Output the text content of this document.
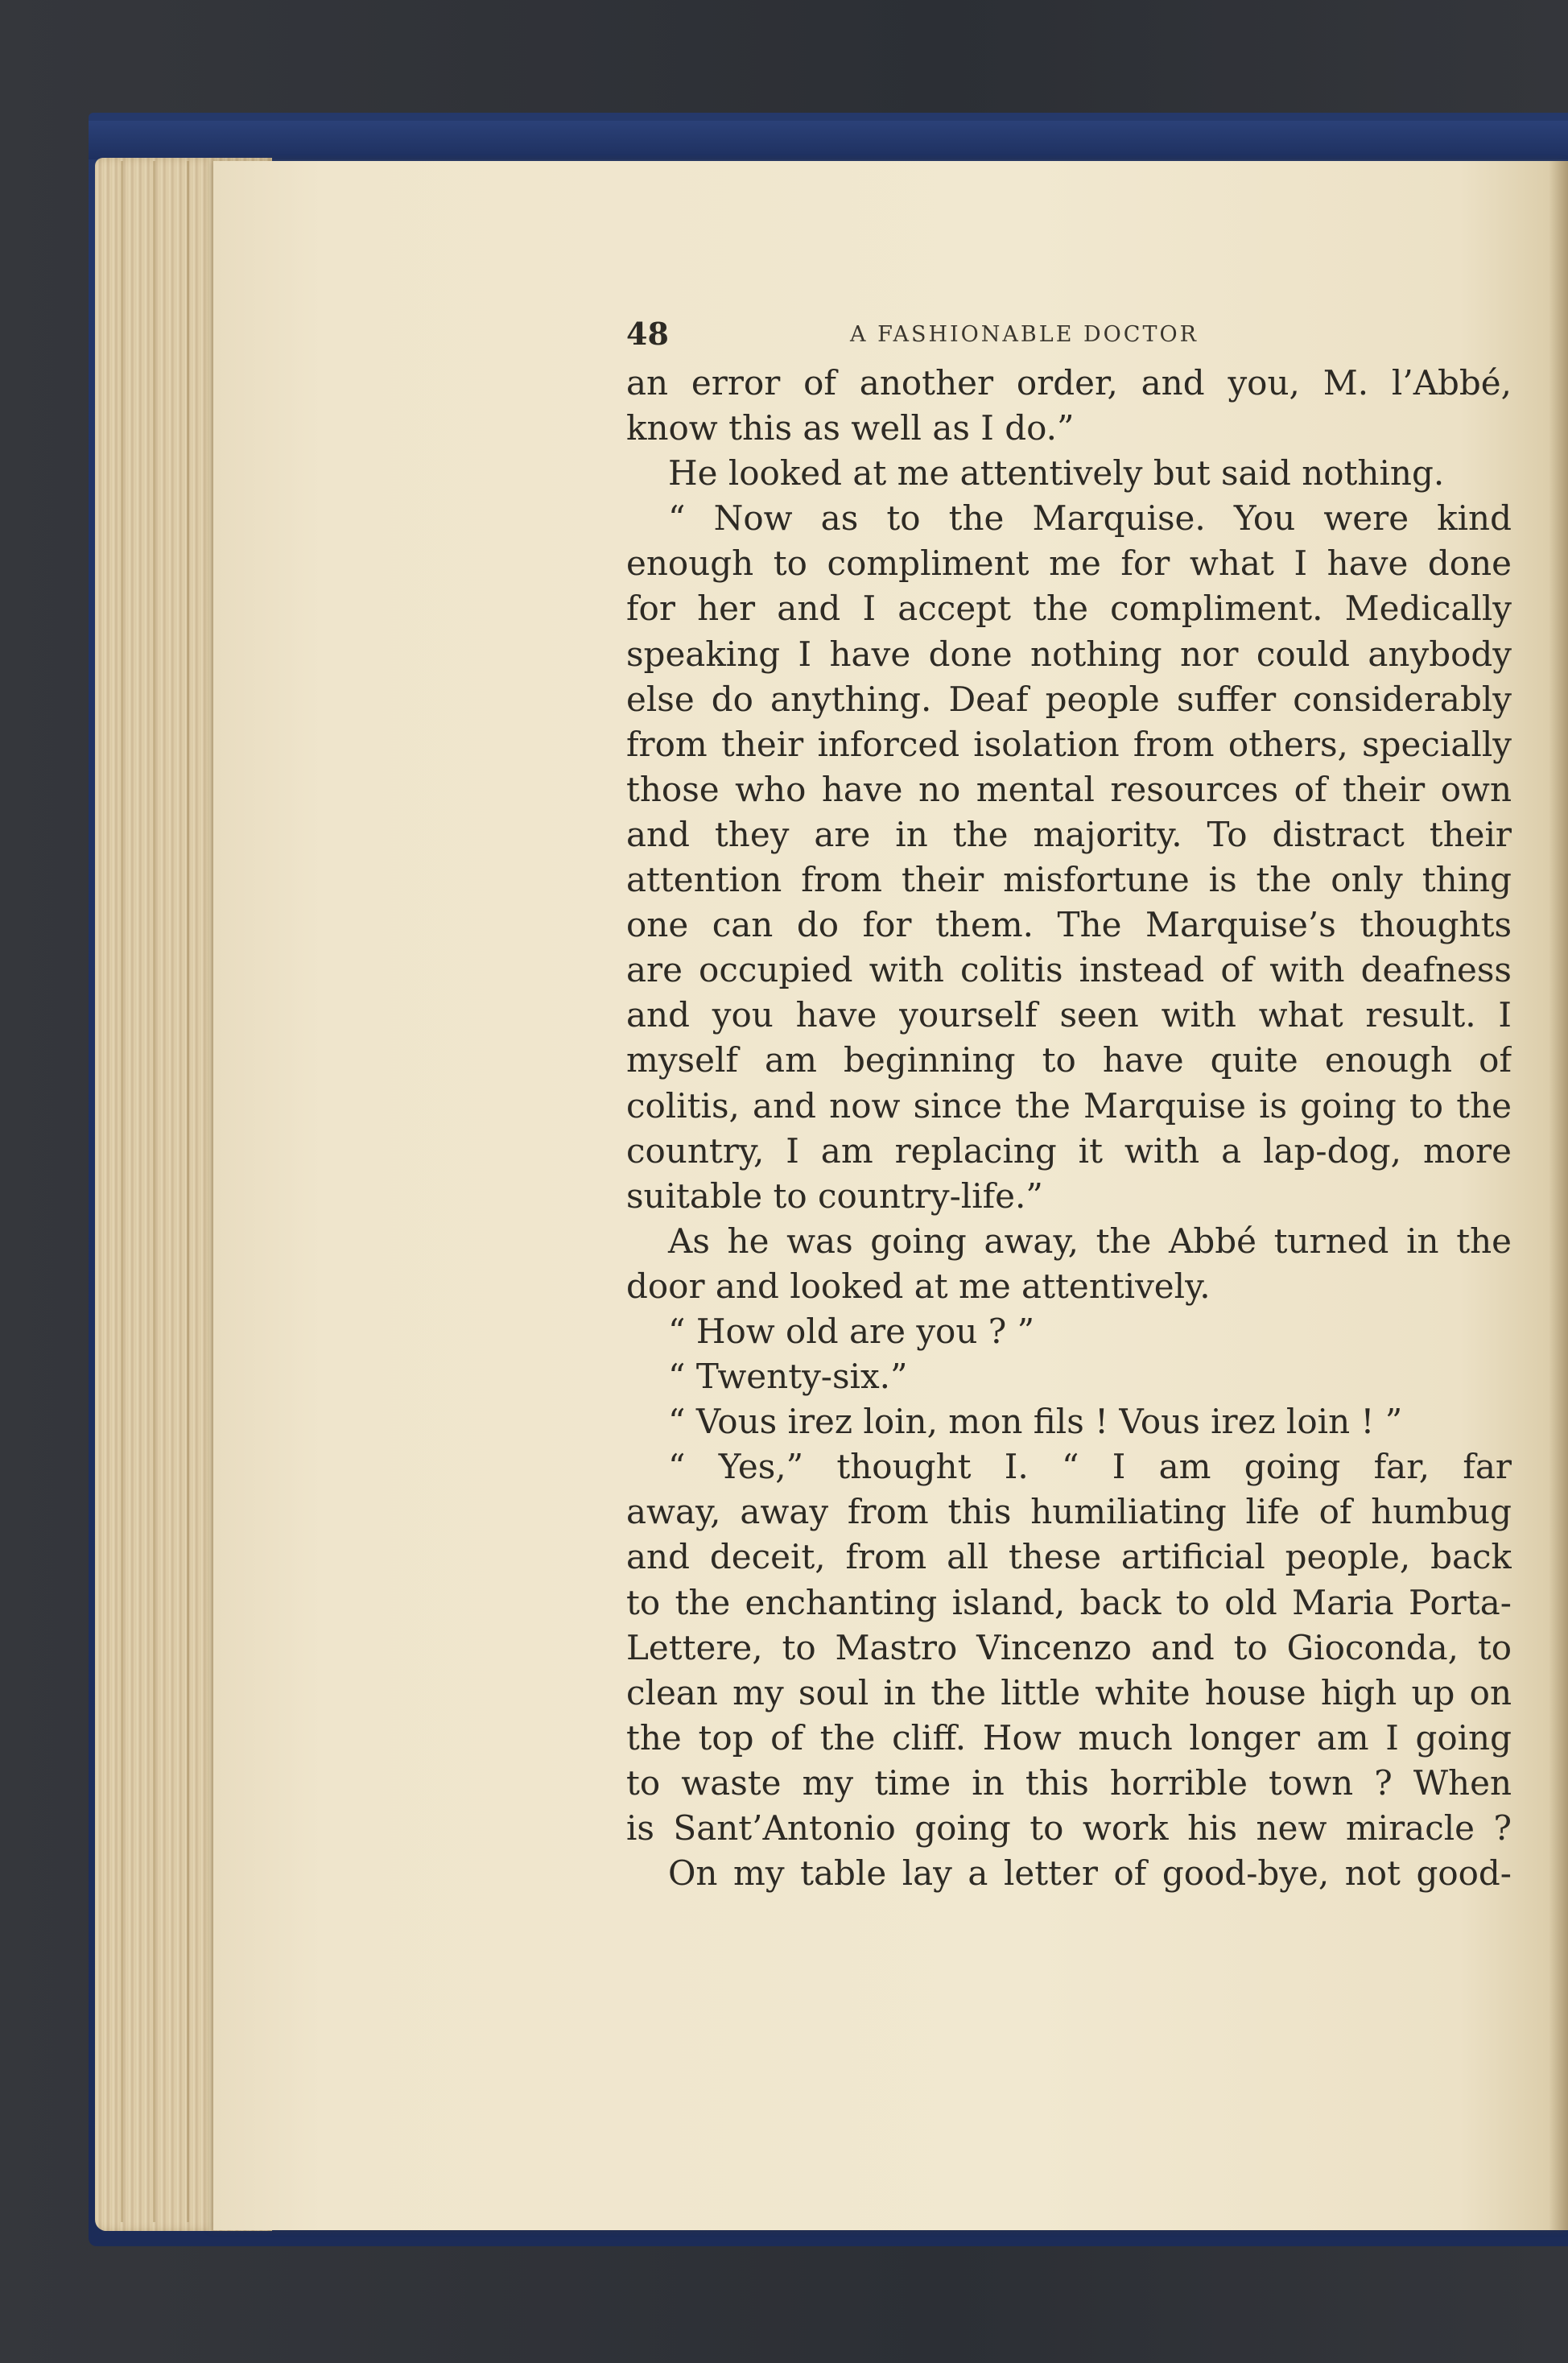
48	A FASHIONABLE DOCTOR
an error of another order, and you, M. l’Abbé,
know this as well as I do.”
He looked at me attentively but said nothing.
“ Now as to the Marquise. You were kind
enough to compliment me for what I have done
for her and I accept the compliment. Medically
speaking I have done nothing nor could anybody
else do anything. Deaf people suffer considerably
from their inforced isolation from others, specially
those who have no mental resources of their own
and they are in the majority. To distract their
attention from their misfortune is the only thing
one can do for them. The Marquise’s thoughts
are occupied with colitis instead of with deafness
and you have yourself seen with what result. I
myself am beginning to have quite enough of
colitis, and now since the Marquise is going to the
country, I am replacing it with a lap-dog, more
suitable to country-life.”
As he was going away, the Abbé turned in the
door and looked at me attentively.
“ How old are you ? ”
“ Twenty-six.”
“ Vous irez loin, mon fils ! Vous irez loin ! ”
“ Yes,” thought I. “ I am going far, far
away, away from this humiliating life of humbug
and deceit, from all these artificial people, back
to the enchanting island, back to old Maria Porta-
Lettere, to Mastro Vincenzo and to Gioconda, to
clean my soul in the little white house high up on
the top of the cliff. How much longer am I going
to waste my time in this horrible town ? When
is Sant’Antonio going to work his new miracle ?
On my table lay a letter of good-bye, not good-
